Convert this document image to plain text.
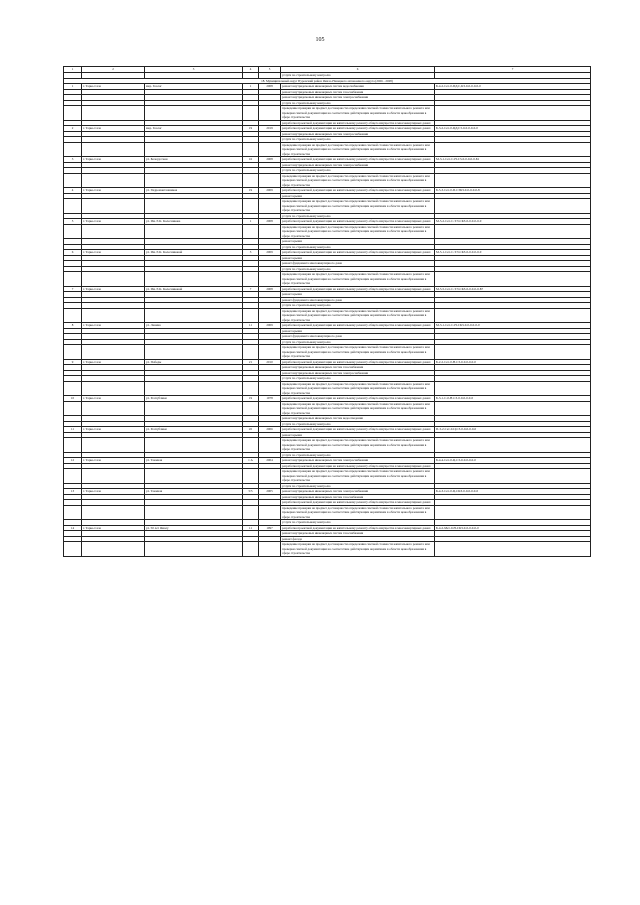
105
1	2	3	4	5	6	7
					услуги по строительному контролю	
18. Муниципальный округ Пуровский район Ямало-Ненецкого автономного округа (2026 - 2028)						
1	г. Тарко-Сале	мкр. Геолог	1	2008	ремонт внутридомовых инженерных систем водоснабжения	Б-4-2-Сет-0-ПД,С,КЗ-0-0-0-0-0-0
					ремонт внутридомовых инженерных систем газоснабжения	
					ремонт внутридомовых инженерных систем электроснабжения	
					услуги по строительному контролю	
					проведение проверки на предмет достоверности определения сметной стоимости капитального ремонта или проверки сметной документации на соответствие действующим нормативам в области ценообразования в сфере строительства	
					разработка проектной документации на капитальному ремонту общего имущества в многоквартирных домах	
2	г. Тарко-Сале	мкр. Геолог	19	2019	разработка проектной документации на капитальному ремонту общего имущества в многоквартирных домах	Б-3-2-Сет-0-ЦД,С3-0-0-0-0-0-0
					ремонт внутридомовых инженерных систем электроснабжения	
					услуги по строительному контролю	
					проведение проверки на предмет достоверности определения сметной стоимости капитального ремонта или проверки сметной документации на соответствие действующим нормативам в области ценообразования в сфере строительства	
3	г. Тарко-Сале	ул. Белорусская	16	2008	разработка проектной документации на капитальному ремонту общего имущества в многоквартирных домах	М-3-1-Сет-С-Н-С3-0-0-0-0-0-Б1
					ремонт внутридомовых инженерных систем электроснабжения	
					услуги по строительному контролю	
					проведение проверки на предмет достоверности определения сметной стоимости капитального ремонта или проверки сметной документации на соответствие действующим нормативам в области ценообразования в сфере строительства	
4	г. Тарко-Сале	ул. Гидромонтажников	19	2009	разработка проектной документации на капитальному ремонту общего имущества в многоквартирных домах	Б-5-3-Сет-0-П-С3КЗ-0-0-0-0-0-8
					ремонт крыши	
					проведение проверки на предмет достоверности определения сметной стоимости капитального ремонта или проверки сметной документации на соответствие действующим нормативам в области ценообразования в сфере строительства	
					услуги по строительному контролю	
5	г. Тарко-Сале	ул. Им. Е.К. Колесникова	1	2008	разработка проектной документации на капитальному ремонту общего имущества в многоквартирных домах	М-5-2-Сет-С-ТЭ-СКЗ-0-0-0-0-0-0
					проведение проверки на предмет достоверности определения сметной стоимости капитального ремонта или проверки сметной документации на соответствие действующим нормативам в области ценообразования в сфере строительства	
					ремонт крыши	
					услуги по строительному контролю	
6	г. Тарко-Сале	ул. Им. Е.К. Колесниковой	3	2009	разработка проектной документации на капитальному ремонту общего имущества в многоквартирных домах	М-5-1-Сет-С-ТЭ-СКЗ-0-0-0-0-0-0
					ремонт крыши	
					ремонт фундамента многоквартирного дома	
					услуги по строительному контролю	
					проведение проверки на предмет достоверности определения сметной стоимости капитального ремонта или проверки сметной документации на соответствие действующим нормативам в области ценообразования в сфере строительства	
7	г. Тарко-Сале	ул. Им. Е.К. Колесниковой	7	2008	разработка проектной документации на капитальному ремонту общего имущества в многоквартирных домах	М-5-5-Сет-С-ТЭ-СКЗ-0-0-0-0-0-Б7
					ремонт крыши	
					ремонт фундамента многоквартирного дома	
					услуги по строительному контролю	
					проведение проверки на предмет достоверности определения сметной стоимости капитального ремонта или проверки сметной документации на соответствие действующим нормативам в области ценообразования в сфере строительства	
8	г. Тарко-Сале	ул. Ленина	11	2009	разработка проектной документации на капитальному ремонту общего имущества в многоквартирных домах	М-3-1-Сет-С-Н-СКЗ-0-0-0-0-0-0
					ремонт крыши	
					ремонт фундамента многоквартирного дома	
					услуги по строительному контролю	
					проведение проверки на предмет достоверности определения сметной стоимости капитального ремонта или проверки сметной документации на соответствие действующим нормативам в области ценообразования в сфере строительства	
9	г. Тарко-Сале	ул. Победы	21	2010	разработка проектной документации на капитальному ремонту общего имущества в многоквартирных домах	Б-2-2-Сет-0-Н-С3-0-0-0-0-0-0
					ремонт внутридомовых инженерных систем газоснабжения	
					ремонт внутридомовых инженерных систем электроснабжения	
					услуги по строительному контролю	
					проведение проверки на предмет достоверности определения сметной стоимости капитального ремонта или проверки сметной документации на соответствие действующим нормативам в области ценообразования в сфере строительства	
10	г. Тарко-Сале	ул. Республики	19	1978	разработка проектной документации на капитальному ремонту общего имущества в многоквартирных домах	Б-3-1-С-0-Н-С3-0-0-0-0-0-0
					проведение проверки на предмет достоверности определения сметной стоимости капитального ремонта или проверки сметной документации на соответствие действующим нормативам в области ценообразования в сфере строительства	
					ремонт внутридомовых инженерных систем водоотведения	
					услуги по строительному контролю	
11	г. Тарко-Сале	ул. Республики	45	2006	разработка проектной документации на капитальному ремонту общего имущества в многоквартирных домах	П-3-2-Сет-0-Ц,С3-0-0-0-0-0-0
					ремонт крыши	
					проведение проверки на предмет достоверности определения сметной стоимости капитального ремонта или проверки сметной документации на соответствие действующим нормативам в области ценообразования в сфере строительства	
					услуги по строительному контролю	
12	г. Тарко-Сале	ул. Таежная	1 А	2004	ремонт внутридомовых инженерных систем электроснабжения	Б-4-4-Сет-0-Ц-С3-0-0-0-0-0-0
					разработка проектной документации на капитальному ремонту общего имущества в многоквартирных домах	
					проведение проверки на предмет достоверности определения сметной стоимости капитального ремонта или проверки сметной документации на соответствие действующим нормативам в области ценообразования в сфере строительства	
					услуги по строительному контролю	
13	г. Тарко-Сале	ул. Таежная	5/5	2005	ремонт внутридомовых инженерных систем электроснабжения	Б-4-3-Сет-0-Ц-СКЗ-0-0-0-0-0-0
					ремонт внутридомовых инженерных систем газоснабжения	
					разработка проектной документации на капитальному ремонту общего имущества в многоквартирных домах	
					проведение проверки на предмет достоверности определения сметной стоимости капитального ремонта или проверки сметной документации на соответствие действующим нормативам в области ценообразования в сфере строительства	
					услуги по строительному контролю	
14	г. Тарко-Сале	ул. 50 лет Ямалу	11	1997	разработка проектной документации на капитальному ремонту общего имущества в многоквартирных домах	Б-4-2-Мет-0-Н-СКЗ-0-0-0-0-0-0
					ремонт внутридомовых инженерных систем газоснабжения	
					ремонт фасада	
					проведение проверки на предмет достоверности определения сметной стоимости капитального ремонта или проверки сметной документации на соответствие действующим нормативам в области ценообразования в сфере строительства	
